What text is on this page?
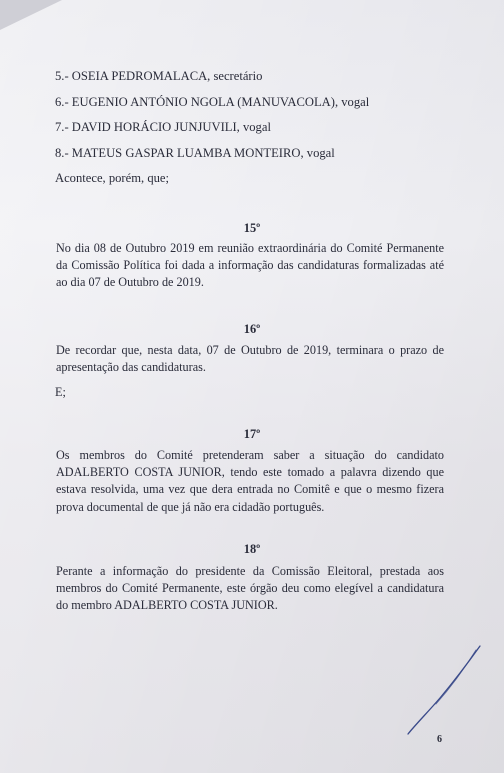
5.- OSEIA PEDROMALACA, secretário
6.- EUGENIO ANTÓNIO NGOLA (MANUVACOLA), vogal
7.- DAVID HORÁCIO JUNJUVILI, vogal
8.- MATEUS GASPAR LUAMBA MONTEIRO, vogal
Acontece, porém, que;
15º
No dia 08 de Outubro 2019 em reunião extraordinária do Comité Permanente da Comissão Política foi dada a informação das candidaturas formalizadas até ao dia 07 de Outubro de 2019.
16º
De recordar que, nesta data, 07 de Outubro de 2019, terminara o prazo de apresentação das candidaturas.
E;
17º
Os membros do Comité pretenderam saber a situação do candidato ADALBERTO COSTA JUNIOR, tendo este tomado a palavra dizendo que estava resolvida, uma vez que dera entrada no Comitê e que o mesmo fizera prova documental de que já não era cidadão português.
18º
Perante a informação do presidente da Comissão Eleitoral, prestada aos membros do Comité Permanente, este órgão deu como elegível a candidatura do membro ADALBERTO COSTA JUNIOR.
6
